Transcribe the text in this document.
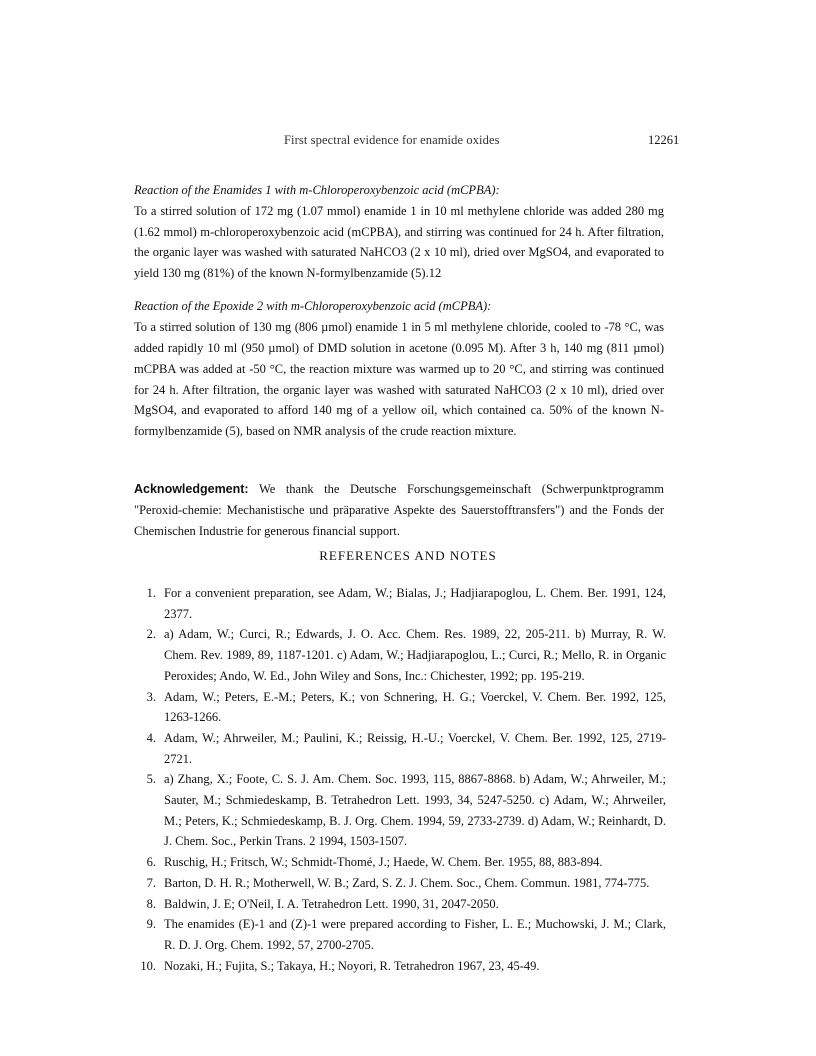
First spectral evidence for enamide oxides	12261

Reaction of the Enamides 1 with m-Chloroperoxybenzoic acid (mCPBA):

To a stirred solution of 172 mg (1.07 mmol) enamide 1 in 10 ml methylene chloride was added 280 mg (1.62 mmol) m-chloroperoxybenzoic acid (mCPBA), and stirring was continued for 24 h. After filtration, the organic layer was washed with saturated NaHCO3 (2 x 10 ml), dried over MgSO4, and evaporated to yield 130 mg (81%) of the known N-formylbenzamide (5).12

Reaction of the Epoxide 2 with m-Chloroperoxybenzoic acid (mCPBA):

To a stirred solution of 130 mg (806 µmol) enamide 1 in 5 ml methylene chloride, cooled to -78 °C, was added rapidly 10 ml (950 µmol) of DMD solution in acetone (0.095 M). After 3 h, 140 mg (811 µmol) mCPBA was added at -50 °C, the reaction mixture was warmed up to 20 °C, and stirring was continued for 24 h. After filtration, the organic layer was washed with saturated NaHCO3 (2 x 10 ml), dried over MgSO4, and evaporated to afford 140 mg of a yellow oil, which contained ca. 50% of the known N-formylbenzamide (5), based on NMR analysis of the crude reaction mixture.

Acknowledgement: We thank the Deutsche Forschungsgemeinschaft (Schwerpunktprogramm "Peroxid-chemie: Mechanistische und präparative Aspekte des Sauerstofftransfers") and the Fonds der Chemischen Industrie for generous financial support.

REFERENCES AND NOTES
1. For a convenient preparation, see Adam, W.; Bialas, J.; Hadjiarapoglou, L. Chem. Ber. 1991, 124, 2377.
2. a) Adam, W.; Curci, R.; Edwards, J. O. Acc. Chem. Res. 1989, 22, 205-211. b) Murray, R. W. Chem. Rev. 1989, 89, 1187-1201. c) Adam, W.; Hadjiarapoglou, L.; Curci, R.; Mello, R. in Organic Peroxides; Ando, W. Ed., John Wiley and Sons, Inc.: Chichester, 1992; pp. 195-219.
3. Adam, W.; Peters, E.-M.; Peters, K.; von Schnering, H. G.; Voerckel, V. Chem. Ber. 1992, 125, 1263-1266.
4. Adam, W.; Ahrweiler, M.; Paulini, K.; Reissig, H.-U.; Voerckel, V. Chem. Ber. 1992, 125, 2719-2721.
5. a) Zhang, X.; Foote, C. S. J. Am. Chem. Soc. 1993, 115, 8867-8868. b) Adam, W.; Ahrweiler, M.; Sauter, M.; Schmiedeskamp, B. Tetrahedron Lett. 1993, 34, 5247-5250. c) Adam, W.; Ahrweiler, M.; Peters, K.; Schmiedeskamp, B. J. Org. Chem. 1994, 59, 2733-2739. d) Adam, W.; Reinhardt, D. J. Chem. Soc., Perkin Trans. 2 1994, 1503-1507.
6. Ruschig, H.; Fritsch, W.; Schmidt-Thomé, J.; Haede, W. Chem. Ber. 1955, 88, 883-894.
7. Barton, D. H. R.; Motherwell, W. B.; Zard, S. Z. J. Chem. Soc., Chem. Commun. 1981, 774-775.
8. Baldwin, J. E; O'Neil, I. A. Tetrahedron Lett. 1990, 31, 2047-2050.
9. The enamides (E)-1 and (Z)-1 were prepared according to Fisher, L. E.; Muchowski, J. M.; Clark, R. D. J. Org. Chem. 1992, 57, 2700-2705.
10. Nozaki, H.; Fujita, S.; Takaya, H.; Noyori, R. Tetrahedron 1967, 23, 45-49.
